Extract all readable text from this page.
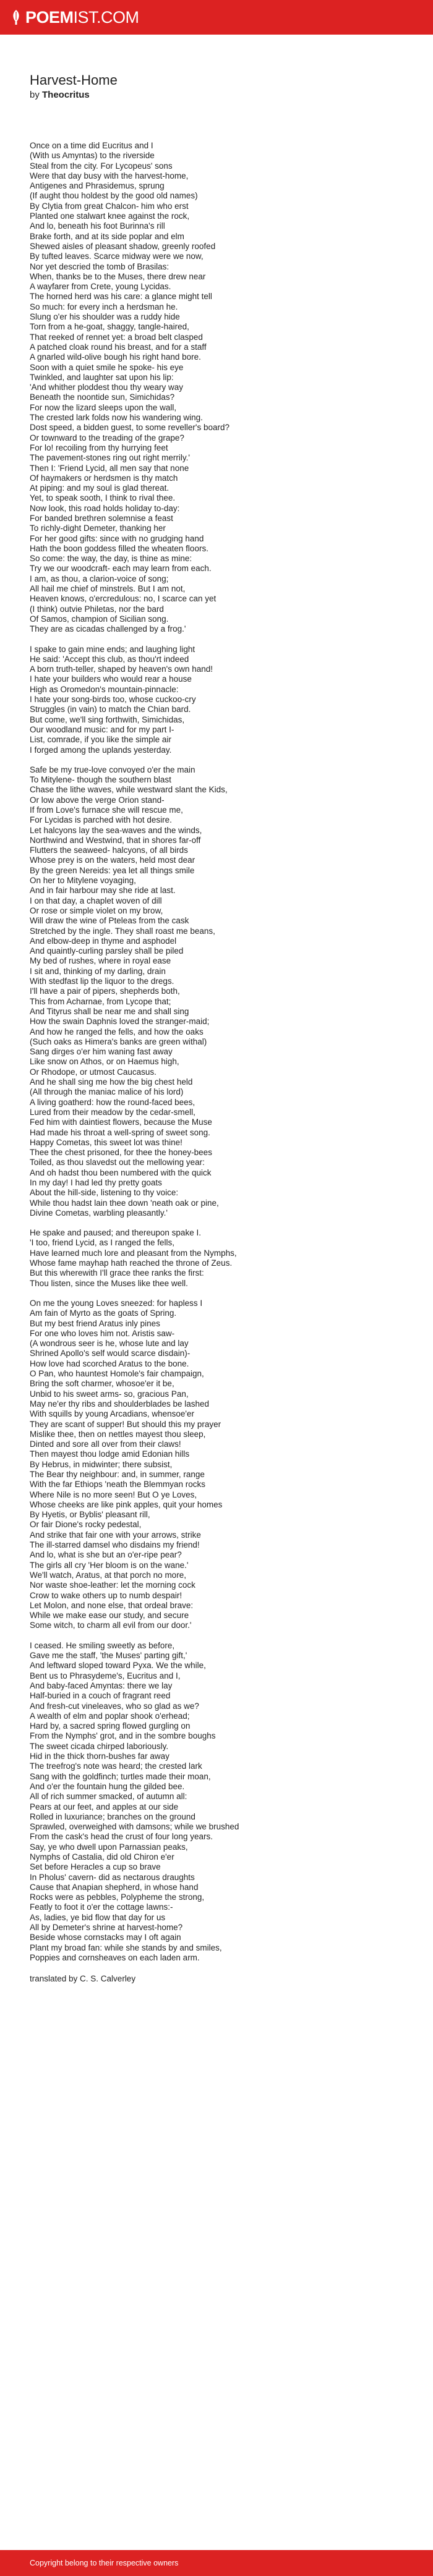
POEMIST.COM
Harvest-Home

by Theocritus

Once on a time did Eucritus and I
(With us Amyntas) to the riverside
Steal from the city. For Lycopeus' sons
Were that day busy with the harvest-home,
Antigenes and Phrasidemus, sprung
(If aught thou holdest by the good old names)
By Clytia from great Chalcon- him who erst
Planted one stalwart knee against the rock,
And lo, beneath his foot Burinna's rill
Brake forth, and at its side poplar and elm
Shewed aisles of pleasant shadow, greenly roofed
By tufted leaves. Scarce midway were we now,
Nor yet descried the tomb of Brasilas:
When, thanks be to the Muses, there drew near
A wayfarer from Crete, young Lycidas.
The horned herd was his care: a glance might tell
So much: for every inch a herdsman he.
Slung o'er his shoulder was a ruddy hide
Torn from a he-goat, shaggy, tangle-haired,
That reeked of rennet yet: a broad belt clasped
A patched cloak round his breast, and for a staff
A gnarled wild-olive bough his right hand bore.
Soon with a quiet smile he spoke- his eye
Twinkled, and laughter sat upon his lip:
'And whither ploddest thou thy weary way
Beneath the noontide sun, Simichidas?
For now the lizard sleeps upon the wall,
The crested lark folds now his wandering wing.
Dost speed, a bidden guest, to some reveller's board?
Or townward to the treading of the grape?
For lo! recoiling from thy hurrying feet
The pavement-stones ring out right merrily.'
Then I: 'Friend Lycid, all men say that none
Of haymakers or herdsmen is thy match
At piping: and my soul is glad thereat.
Yet, to speak sooth, I think to rival thee.
Now look, this road holds holiday to-day:
For banded brethren solemnise a feast
To richly-dight Demeter, thanking her
For her good gifts: since with no grudging hand
Hath the boon goddess filled the wheaten floors.
So come: the way, the day, is thine as mine:
Try we our woodcraft- each may learn from each.
I am, as thou, a clarion-voice of song;
All hail me chief of minstrels. But I am not,
Heaven knows, o'ercredulous: no, I scarce can yet
(I think) outvie Philetas, nor the bard
Of Samos, champion of Sicilian song.
They are as cicadas challenged by a frog.'
I spake to gain mine ends; and laughing light
He said: 'Accept this club, as thou'rt indeed
A born truth-teller, shaped by heaven's own hand!
I hate your builders who would rear a house
High as Oromedon's mountain-pinnacle:
I hate your song-birds too, whose cuckoo-cry
Struggles (in vain) to match the Chian bard.
But come, we'll sing forthwith, Simichidas,
Our woodland music: and for my part I-
List, comrade, if you like the simple air
I forged among the uplands yesterday.
Safe be my true-love convoyed o'er the main
To Mitylene- though the southern blast
Chase the lithe waves, while westward slant the Kids,
Or low above the verge Orion stand-
If from Love's furnace she will rescue me,
For Lycidas is parched with hot desire.
Let halcyons lay the sea-waves and the winds,
Northwind and Westwind, that in shores far-off
Flutters the seaweed- halcyons, of all birds
Whose prey is on the waters, held most dear
By the green Nereids: yea let all things smile
On her to Mitylene voyaging,
And in fair harbour may she ride at last.
I on that day, a chaplet woven of dill
Or rose or simple violet on my brow,
Will draw the wine of Pteleas from the cask
Stretched by the ingle. They shall roast me beans,
And elbow-deep in thyme and asphodel
And quaintly-curling parsley shall be piled
My bed of rushes, where in royal ease
I sit and, thinking of my darling, drain
With stedfast lip the liquor to the dregs.
I'll have a pair of pipers, shepherds both,
This from Acharnae, from Lycope that;
And Tityrus shall be near me and shall sing
How the swain Daphnis loved the stranger-maid;
And how he ranged the fells, and how the oaks
(Such oaks as Himera's banks are green withal)
Sang dirges o'er him waning fast away
Like snow on Athos, or on Haemus high,
Or Rhodope, or utmost Caucasus.
And he shall sing me how the big chest held
(All through the maniac malice of his lord)
A living goatherd: how the round-faced bees,
Lured from their meadow by the cedar-smell,
Fed him with daintiest flowers, because the Muse
Had made his throat a well-spring of sweet song.
Happy Cometas, this sweet lot was thine!
Thee the chest prisoned, for thee the honey-bees
Toiled, as thou slavedst out the mellowing year:
And oh hadst thou been numbered with the quick
In my day! I had led thy pretty goats
About the hill-side, listening to thy voice:
While thou hadst lain thee down 'neath oak or pine,
Divine Cometas, warbling pleasantly.'
He spake and paused; and thereupon spake I.
'I too, friend Lycid, as I ranged the fells,
Have learned much lore and pleasant from the Nymphs,
Whose fame mayhap hath reached the throne of Zeus.
But this wherewith I'll grace thee ranks the first:
Thou listen, since the Muses like thee well.
On me the young Loves sneezed: for hapless I
Am fain of Myrto as the goats of Spring.
But my best friend Aratus inly pines
For one who loves him not. Aristis saw-
(A wondrous seer is he, whose lute and lay
Shrined Apollo's self would scarce disdain)-
How love had scorched Aratus to the bone.
O Pan, who hauntest Homole's fair champaign,
Bring the soft charmer, whosoe'er it be,
Unbid to his sweet arms- so, gracious Pan,
May ne'er thy ribs and shoulderblades be lashed
With squills by young Arcadians, whensoe'er
They are scant of supper! But should this my prayer
Mislike thee, then on nettles mayest thou sleep,
Dinted and sore all over from their claws!
Then mayest thou lodge amid Edonian hills
By Hebrus, in midwinter; there subsist,
The Bear thy neighbour: and, in summer, range
With the far Ethiops 'neath the Blemmyan rocks
Where Nile is no more seen! But O ye Loves,
Whose cheeks are like pink apples, quit your homes
By Hyetis, or Byblis' pleasant rill,
Or fair Dione's rocky pedestal,
And strike that fair one with your arrows, strike
The ill-starred damsel who disdains my friend!
And lo, what is she but an o'er-ripe pear?
The girls all cry 'Her bloom is on the wane.'
We'll watch, Aratus, at that porch no more,
Nor waste shoe-leather: let the morning cock
Crow to wake others up to numb despair!
Let Molon, and none else, that ordeal brave:
While we make ease our study, and secure
Some witch, to charm all evil from our door.'
I ceased. He smiling sweetly as before,
Gave me the staff, 'the Muses' parting gift,'
And leftward sloped toward Pyxa. We the while,
Bent us to Phrasydeme's, Eucritus and I,
And baby-faced Amyntas: there we lay
Half-buried in a couch of fragrant reed
And fresh-cut vineleaves, who so glad as we?
A wealth of elm and poplar shook o'erhead;
Hard by, a sacred spring flowed gurgling on
From the Nymphs' grot, and in the sombre boughs
The sweet cicada chirped laboriously.
Hid in the thick thorn-bushes far away
The treefrog's note was heard; the crested lark
Sang with the goldfinch; turtles made their moan,
And o'er the fountain hung the gilded bee.
All of rich summer smacked, of autumn all:
Pears at our feet, and apples at our side
Rolled in luxuriance; branches on the ground
Sprawled, overweighed with damsons; while we brushed
From the cask's head the crust of four long years.
Say, ye who dwell upon Parnassian peaks,
Nymphs of Castalia, did old Chiron e'er
Set before Heracles a cup so brave
In Pholus' cavern- did as nectarous draughts
Cause that Anapian shepherd, in whose hand
Rocks were as pebbles, Polypheme the strong,
Featly to foot it o'er the cottage lawns:-
As, ladies, ye bid flow that day for us
All by Demeter's shrine at harvest-home?
Beside whose cornstacks may I oft again
Plant my broad fan: while she stands by and smiles,
Poppies and cornsheaves on each laden arm.

translated by C. S. Calverley

Copyright belong to their respective owners
